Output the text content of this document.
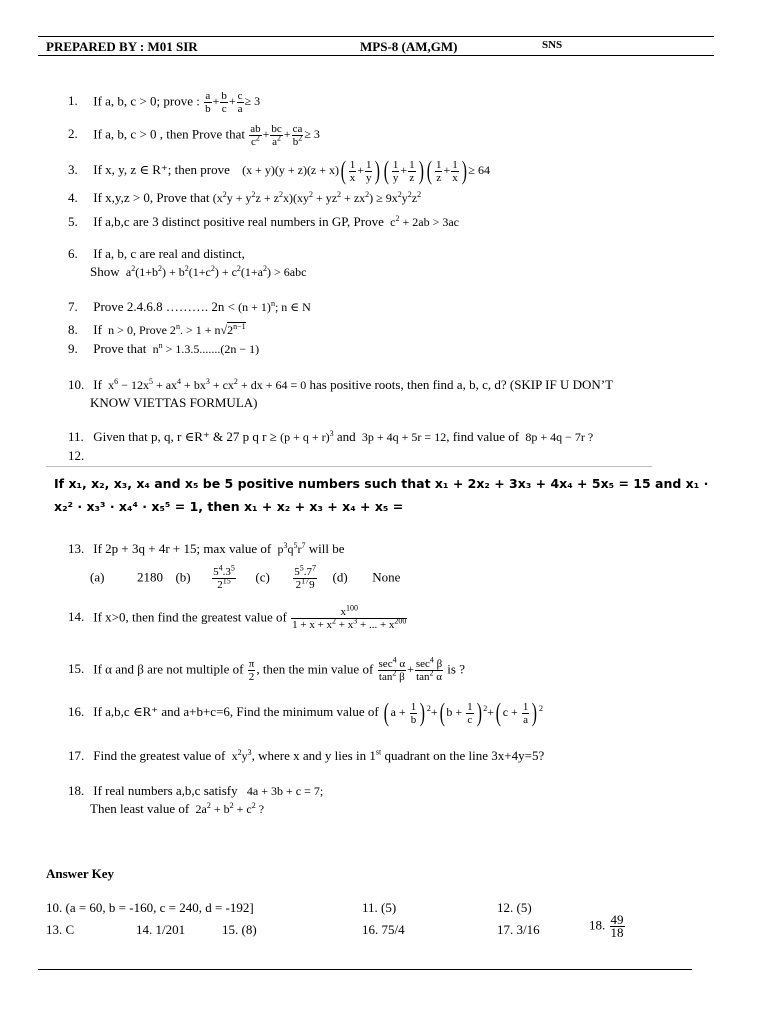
PREPARED BY : M01 SIR	MPS-8 (AM,GM)	SNS
1. If a, b, c > 0; prove : $\frac{a}{b} + \frac{b}{c} + \frac{c}{a} \ge 3$
2. If a, b, c > 0 , then Prove that $\frac{ab}{c^2} + \frac{bc}{a^2} + \frac{ca}{b^2} \ge 3$
3. If x, y, z ∈ R⁺; then prove    $(x + y)(y + z)(z + x)( \frac{1}{x} + \frac{1}{y}$ ) ( $\frac{1}{y} + \frac{1}{z}$ ) ( $\frac{1}{z} + \frac{1}{x}$ ) ≥ 64
4. If x,y,z > 0, Prove that $(x^2y + y^2z + z^2x)(xy^2 + yz^2 + zx^2) \ge 9x^2y^2z^2$
5. If a,b,c are 3 distinct positive real numbers in GP, Prove  $c^2 + 2ab > 3ac$
6. If a, b, c are real and distinct,
Show  $a^2(1+b^2) + b^2(1+c^2) + c^2(1+a^2) > 6abc$
7. Prove 2.4.6.8 ………. $2n < (n + 1)^n$; n ∈ N
8. If  n > 0, Prove $2^n$. > $1 + n√2^{n-1}$
9. Prove that  $n^n > 1.3.5.......(2n - 1)$
10. If  $x^6 - 12x^5 + ax^4 + bx^3 + cx^2$ + dx + 64 = 0 has positive roots, then find a, b, c, d? (SKIP IF U DON’T
KNOW VIETTAS FORMULA)
11. Given that p, q, r ∈R⁺ & 27 p q $r \ge (p + q + r)^3$ and  3p + 4q + 5r = 12, find value of  8p + 4q − 7r ?
12.
If x₁, x₂, x₃, x₄ and x₅ be 5 positive numbers such that x₁ + 2x₂ + 3x₃ + 4x₄ + 5x₅ = 15 and x₁ ·
x₂² · x₃³ · x₄⁴ · x₅⁵ = 1, then x₁ + x₂ + x₃ + x₄ + x₅ =
13. If 2p + 3q + 4r + 15; max value of  $p^3q^5r^7$ will be
(a)	2180 $(b) \frac{5^4.3^5}{2^{15}} (c) \frac{5^5.7^7}{2^{17}9} (d)$ None
14. If x>0, then find the greatest value of $\frac{x^{100}}{1 + x + x^2 + x^3 + ... + x^{200}}$
15. If α and β are not multiple of $\frac{\pi}{2}$ , then the min value of $\frac{\sec^4 \alpha}{\tan^2 \beta} + \frac{\sec^4 \beta}{\tan^2 \alpha}$ is ?
16. If a,b,c ∈R⁺ and a+b+c=6, Find the minimum value of ( $a + \frac{1}{b}$ ) $^2$+( $b + \frac{1}{c}$ ) $^2$+( $c + \frac{1}{a}$ ) $^2$
17. Find the greatest value of  $x^2y^3$, where x and y lies in 1st quadrant on the line 3x+4y=5?
18. If real numbers a,b,c satisfy   4a + 3b + c = 7;
Then least value of  $2a^2 + b^2 + c^2$ ?
Answer Key
10. (a = 60, b = -160, c = 240, d = -192]	11. (5)	12. (5)
13. C	14. 1/201	15. (8)	16. 75/4	17. 3/16	18. $\frac{49}{18}$
